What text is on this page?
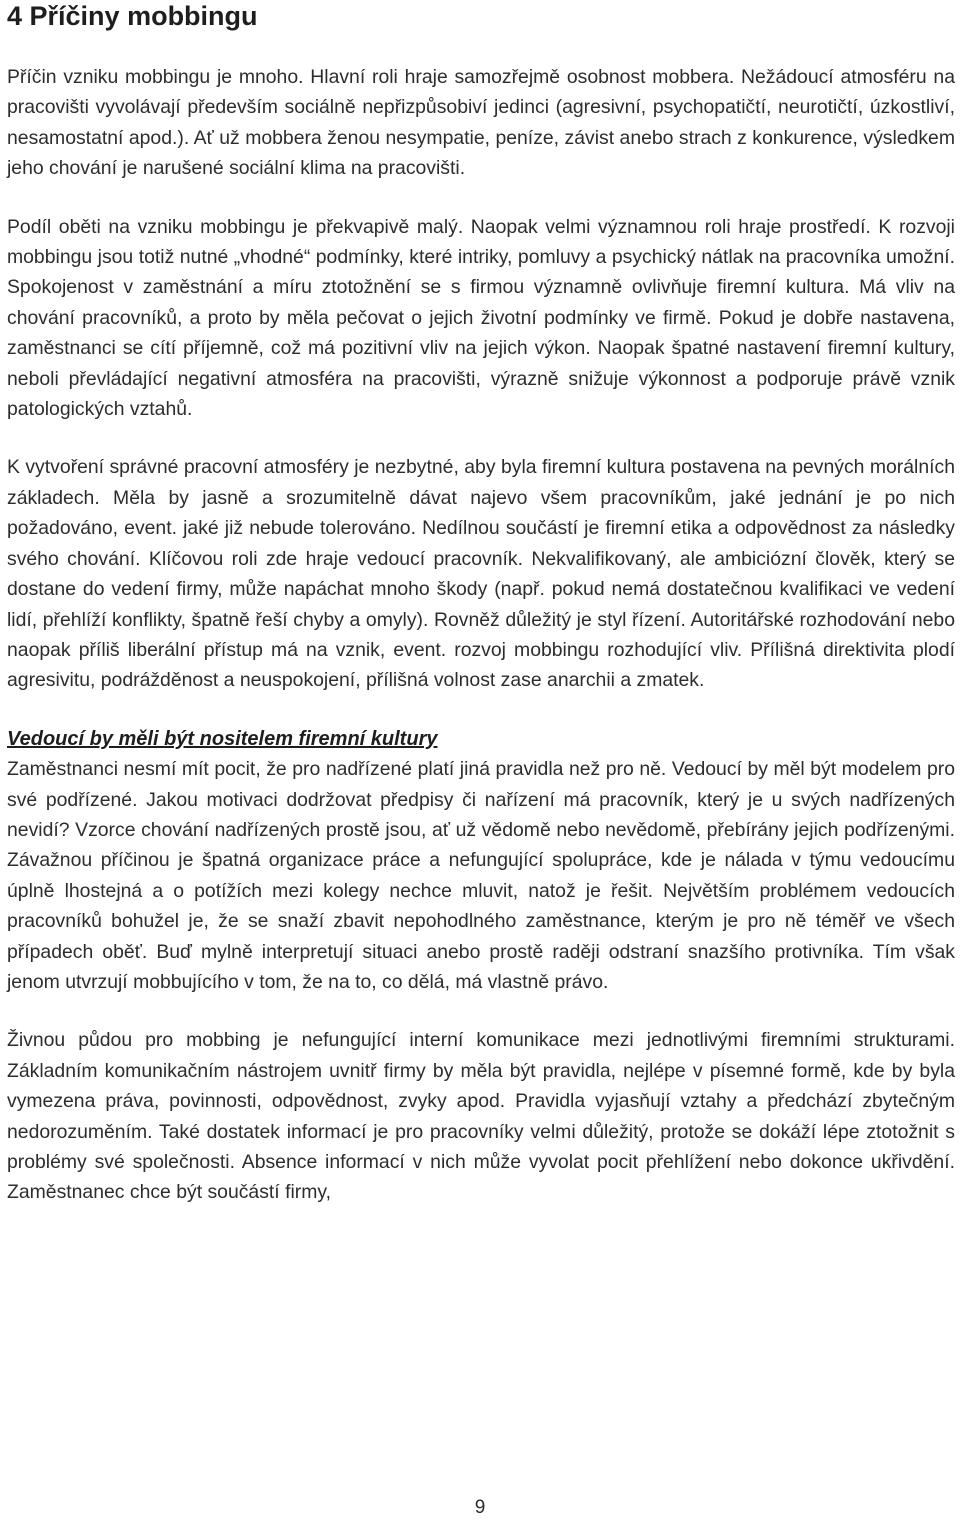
4 Příčiny mobbingu

Příčin vzniku mobbingu je mnoho. Hlavní roli hraje samozřejmě osobnost mobbera. Nežádoucí atmosféru na pracovišti vyvolávají především sociálně nepřizpůsobiví jedinci (agresivní, psychopatičtí, neurotičtí, úzkostliví, nesamostatní apod.). Ať už mobbera ženou nesympatie, peníze, závist anebo strach z konkurence, výsledkem jeho chování je narušené sociální klima na pracovišti.

Podíl oběti na vzniku mobbingu je překvapivě malý. Naopak velmi významnou roli hraje prostředí. K rozvoji mobbingu jsou totiž nutné „vhodné“ podmínky, které intriky, pomluvy a psychický nátlak na pracovníka umožní. Spokojenost v zaměstnání a míru ztotožnění se s firmou významně ovlivňuje firemní kultura. Má vliv na chování pracovníků, a proto by měla pečovat o jejich životní podmínky ve firmě. Pokud je dobře nastavena, zaměstnanci se cítí příjemně, což má pozitivní vliv na jejich výkon. Naopak špatné nastavení firemní kultury, neboli převládající negativní atmosféra na pracovišti, výrazně snižuje výkonnost a podporuje právě vznik patologických vztahů.

K vytvoření správné pracovní atmosféry je nezbytné, aby byla firemní kultura postavena na pevných morálních základech. Měla by jasně a srozumitelně dávat najevo všem pracovníkům, jaké jednání je po nich požadováno, event. jaké již nebude tolerováno. Nedílnou součástí je firemní etika a odpovědnost za následky svého chování. Klíčovou roli zde hraje vedoucí pracovník. Nekvalifikovaný, ale ambiciózní člověk, který se dostane do vedení firmy, může napáchat mnoho škody (např. pokud nemá dostatečnou kvalifikaci ve vedení lidí, přehlíží konflikty, špatně řeší chyby a omyly). Rovněž důležitý je styl řízení. Autoritářské rozhodování nebo naopak příliš liberální přístup má na vznik, event. rozvoj mobbingu rozhodující vliv. Přílišná direktivita plodí agresivitu, podrážděnost a neuspokojení, přílišná volnost zase anarchii a zmatek.

Vedoucí by měli být nositelem firemní kultury

Zaměstnanci nesmí mít pocit, že pro nadřízené platí jiná pravidla než pro ně. Vedoucí by měl být modelem pro své podřízené. Jakou motivaci dodržovat předpisy či nařízení má pracovník, který je u svých nadřízených nevidí? Vzorce chování nadřízených prostě jsou, ať už vědomě nebo nevědomě, přebírány jejich podřízenými. Závažnou příčinou je špatná organizace práce a nefungující spolupráce, kde je nálada v týmu vedoucímu úplně lhostejná a o potížích mezi kolegy nechce mluvit, natož je řešit. Největším problémem vedoucích pracovníků bohužel je, že se snaží zbavit nepohodlného zaměstnance, kterým je pro ně téměř ve všech případech oběť. Buď mylně interpretují situaci anebo prostě raději odstraní snazšího protivníka. Tím však jenom utvrzují mobbujícího v tom, že na to, co dělá, má vlastně právo.

Živnou půdou pro mobbing je nefungující interní komunikace mezi jednotlivými firemními strukturami. Základním komunikačním nástrojem uvnitř firmy by měla být pravidla, nejlépe v písemné formě, kde by byla vymezena práva, povinnosti, odpovědnost, zvyky apod. Pravidla vyjasňují vztahy a předchází zbytečným nedorozuměním. Také dostatek informací je pro pracovníky velmi důležitý, protože se dokáží lépe ztotožnit s problémy své společnosti. Absence informací v nich může vyvolat pocit přehlížení nebo dokonce ukřivdění. Zaměstnanec chce být součástí firmy,

9
